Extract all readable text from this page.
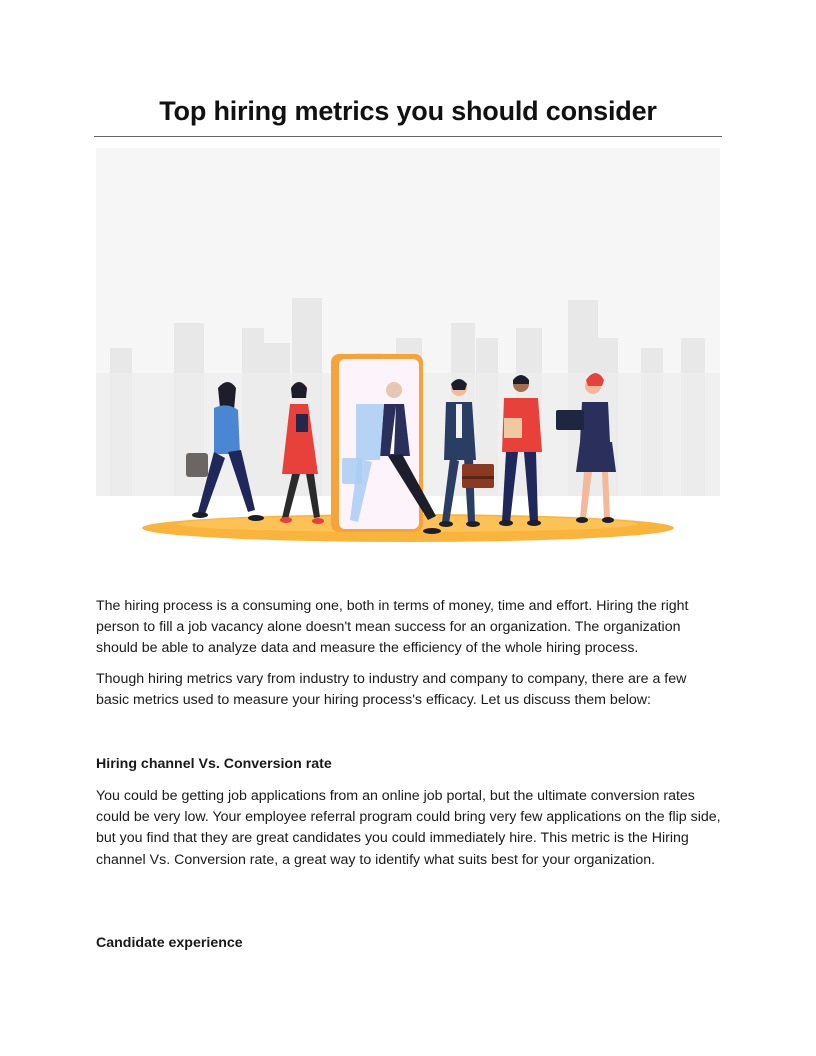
Top hiring metrics you should consider

The hiring process is a consuming one, both in terms of money, time and effort. Hiring the right person to fill a job vacancy alone doesn't mean success for an organization. The organization should be able to analyze data and measure the efficiency of the whole hiring process.

Though hiring metrics vary from industry to industry and company to company, there are a few basic metrics used to measure your hiring process's efficacy. Let us discuss them below:

Hiring channel Vs. Conversion rate

You could be getting job applications from an online job portal, but the ultimate conversion rates could be very low. Your employee referral program could bring very few applications on the flip side, but you find that they are great candidates you could immediately hire. This metric is the Hiring channel Vs. Conversion rate, a great way to identify what suits best for your organization.

Candidate experience
